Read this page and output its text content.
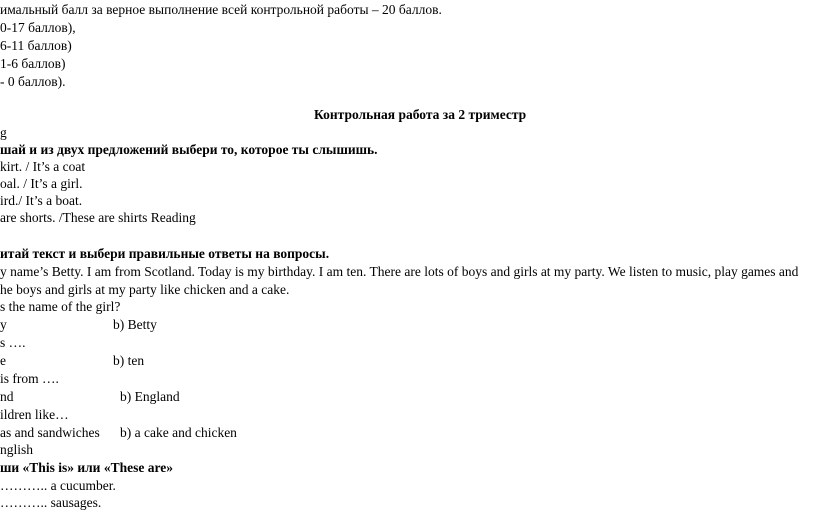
имальный балл за верное выполнение всей контрольной работы – 20 баллов.
0-17 баллов),
6-11 баллов)
1-6 баллов)
- 0 баллов).
Контрольная работа за 2 триместр
g
шай и из двух предложений выбери то, которое ты слышишь.
kirt. / It’s a coat
oal. / It’s a girl.
ird./ It’s a boat.
are shorts. /These are shirts Reading
итай текст и выбери правильные ответы на вопросы.
y name’s Betty. I am from Scotland. Today is my birthday. I am ten. There are lots of boys and girls at my party. We listen to music, play games and
he boys and girls at my party like chicken and a cake.
s the name of the girl?
y	b) Betty
s ….
e	b) ten
is from ….
nd	b) England
ildren like…
as and sandwiches b) a cake and chicken
nglish
ши «This is» или «These are»
……….. a cucumber.
……….. sausages.
